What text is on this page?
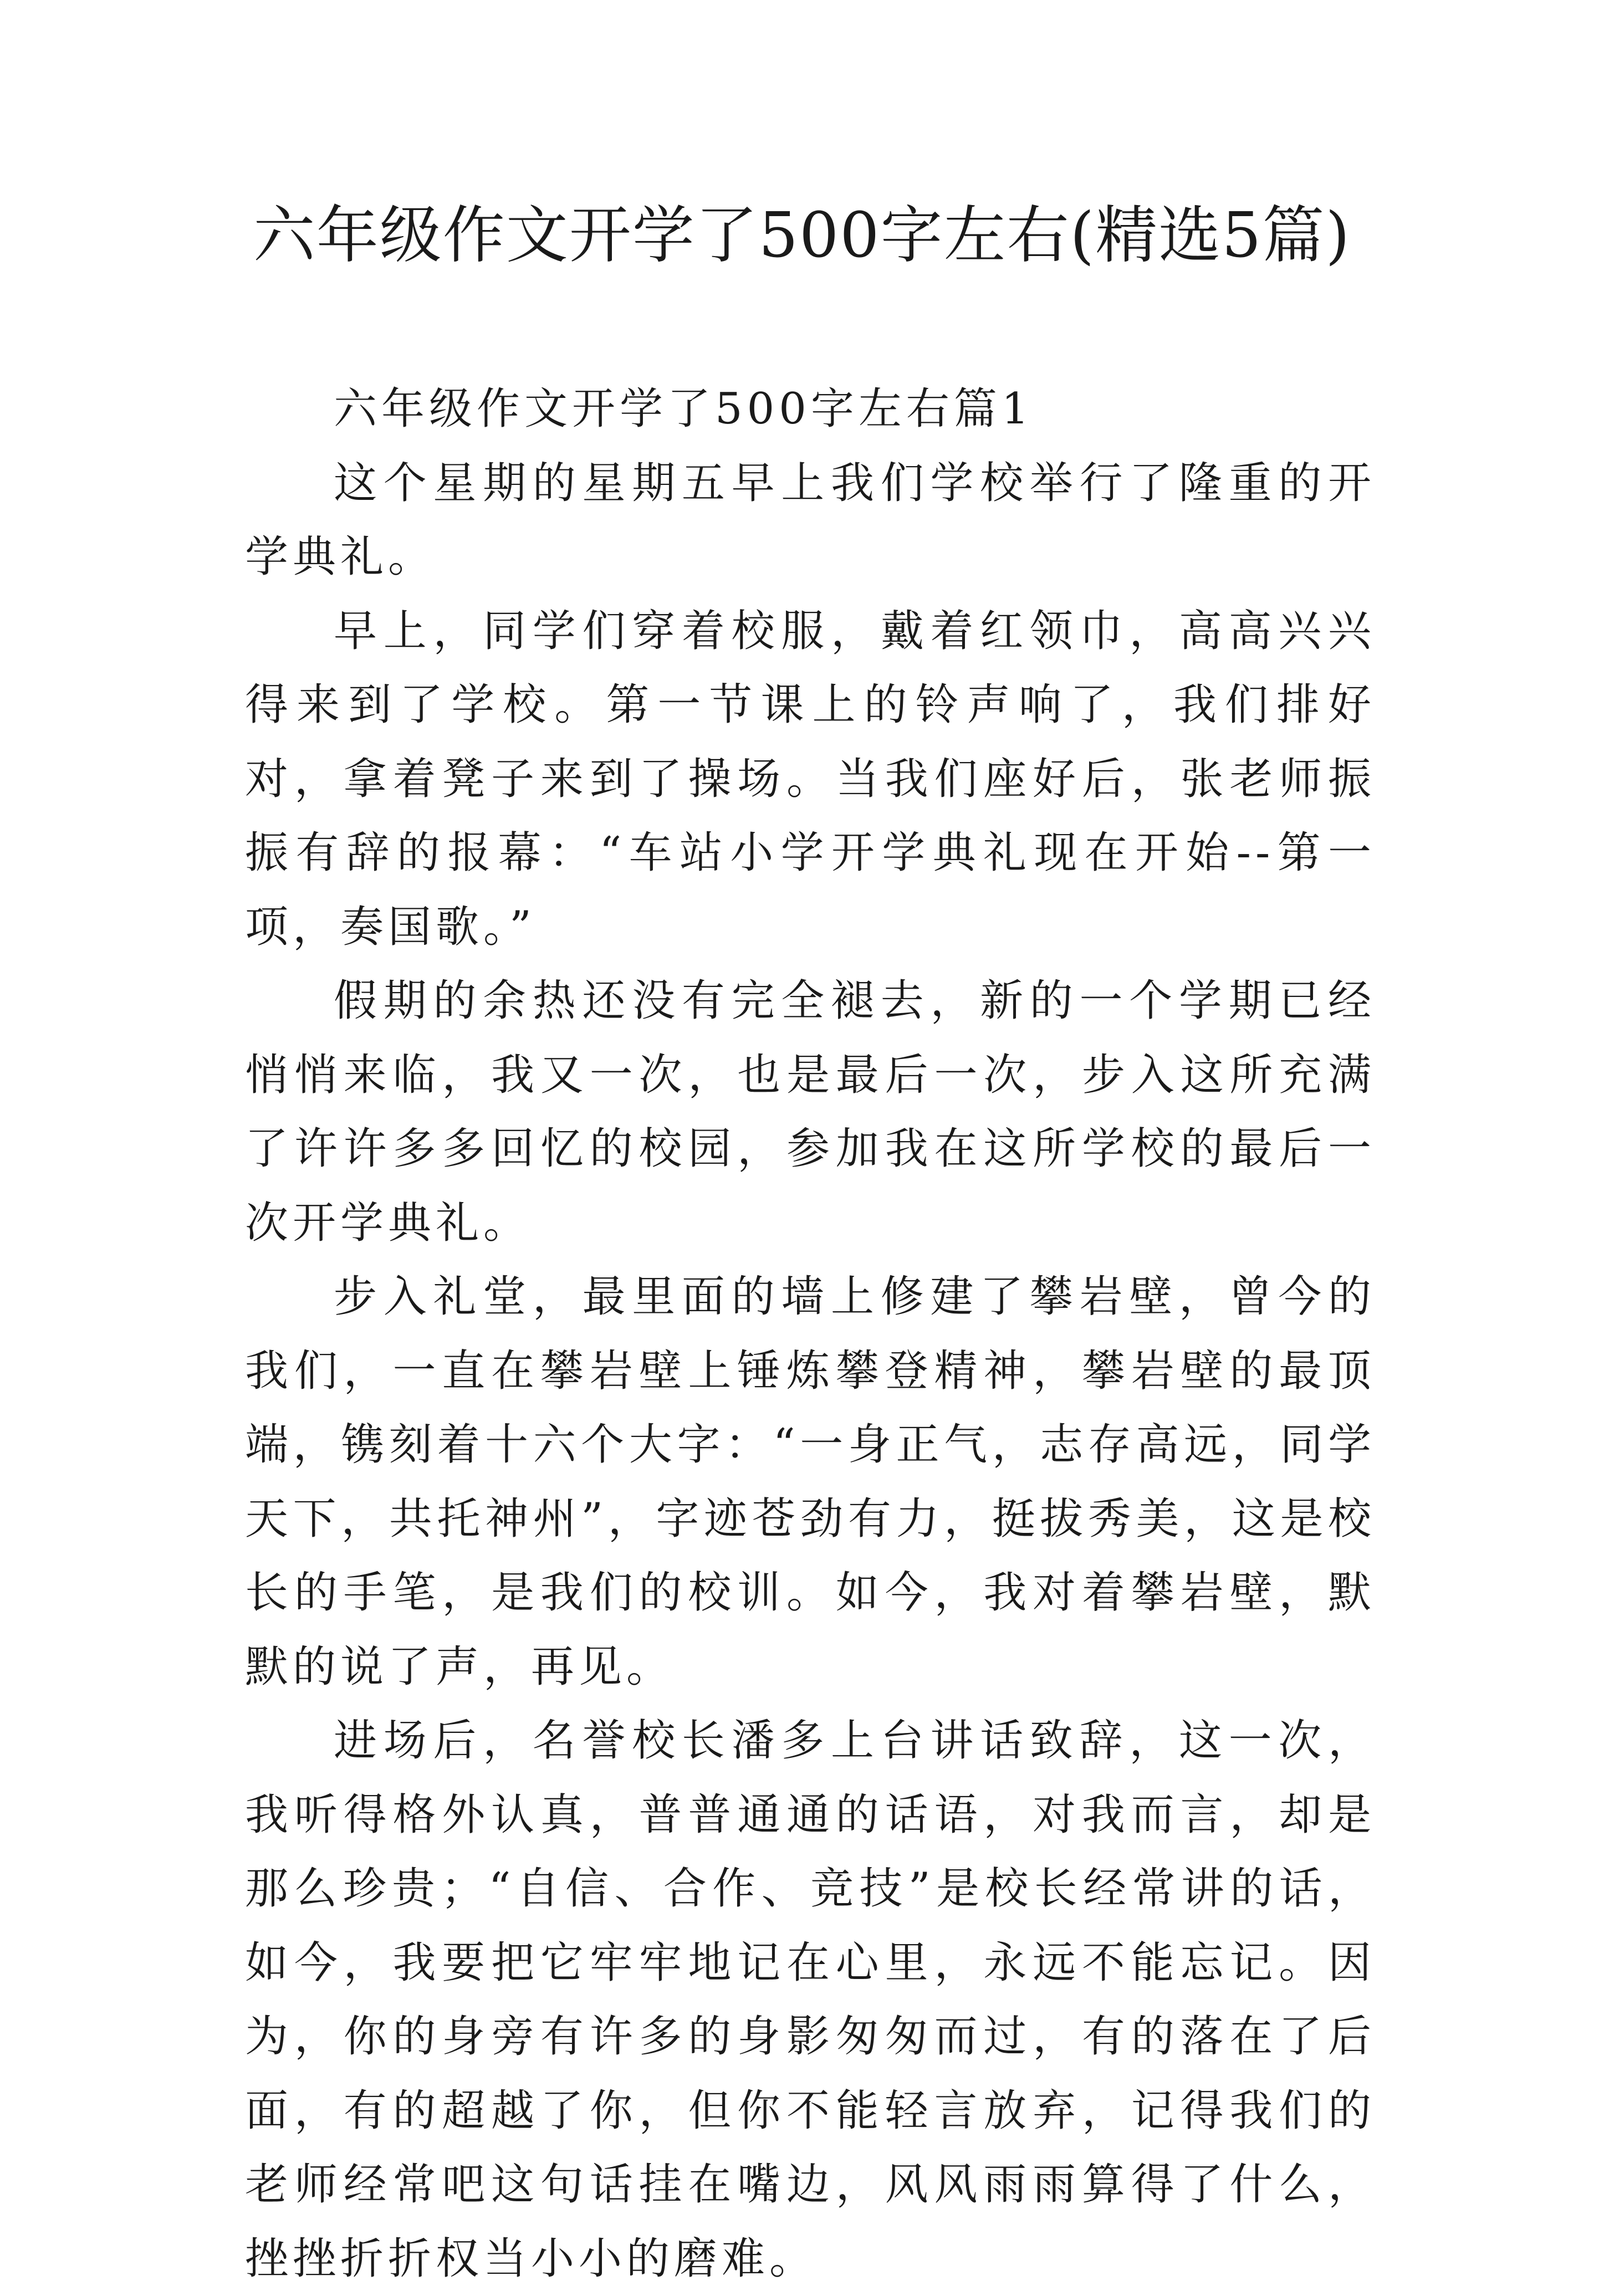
六年级作文开学了500字左右(精选5篇)

六年级作文开学了500字左右篇1

这个星期的星期五早上我们学校举行了隆重的开学典礼。

早上，同学们穿着校服，戴着红领巾，高高兴兴得来到了学校。第一节课上的铃声响了，我们排好对，拿着凳子来到了操场。当我们座好后，张老师振振有辞的报幕：“车站小学开学典礼现在开始--第一项，奏国歌。”

假期的余热还没有完全褪去，新的一个学期已经悄悄来临，我又一次，也是最后一次，步入这所充满了许许多多回忆的校园，参加我在这所学校的最后一次开学典礼。

步入礼堂，最里面的墙上修建了攀岩壁，曾今的我们，一直在攀岩壁上锤炼攀登精神，攀岩壁的最顶端，镌刻着十六个大字：“一身正气，志存高远，同学天下，共托神州”，字迹苍劲有力，挺拔秀美，这是校长的手笔，是我们的校训。如今，我对着攀岩壁，默默的说了声，再见。

进场后，名誉校长潘多上台讲话致辞，这一次，我听得格外认真，普普通通的话语，对我而言，却是那么珍贵；“自信、合作、竞技”是校长经常讲的话，如今，我要把它牢牢地记在心里，永远不能忘记。因为，你的身旁有许多的身影匆匆而过，有的落在了后面，有的超越了你，但你不能轻言放弃，记得我们的老师经常吧这句话挂在嘴边，风风雨雨算得了什么，挫挫折折权当小小的磨难。
